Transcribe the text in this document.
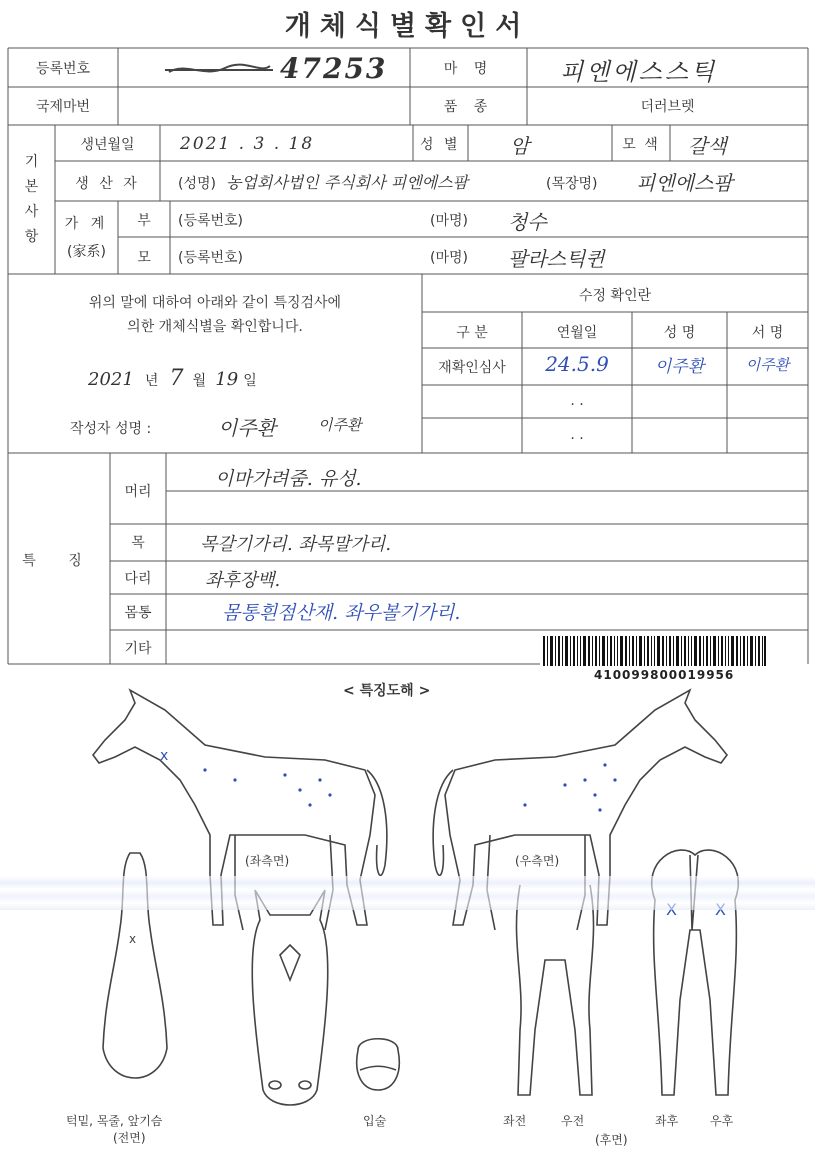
개체식별확인서
등록번호	47253	마 명	피엔에스스틱
국제마번	품 종	더러브렛
기
본
사
항
생년월일	2021 . 3 . 18	성 별 암	모 색	갈색
생 산 자	(성명) 농업회사법인 주식회사 피엔에스팜	(목장명) 피엔에스팜
가 계
(家系)
부	(등록번호)	(마명) 청수
모	(등록번호)	(마명) 팔라스틱퀸
위의 말에 대하여 아래와 같이 특징검사에
의한 개체식별을 확인합니다.
2021 년 7 월 19 일
작성자 성명 :	이주환	이주환
수정 확인란
구 분	연월일	성 명	서 명
재확인심사	24.5.9	이주환	이주환
. .
. .
특 징
머리
이마가려줌. 유성.
목	목갈기가리. 좌목말가리.
다리	좌후장백.
몸통	몸통흰점산재. 좌우볼기가리.
기타
410099800019956
< 특징도해 >
x
(좌측면)	(우측면)
x
턱밑, 목줄, 앞기슴
(전면)
입술	좌전	우전	좌후	우후
(후면)
